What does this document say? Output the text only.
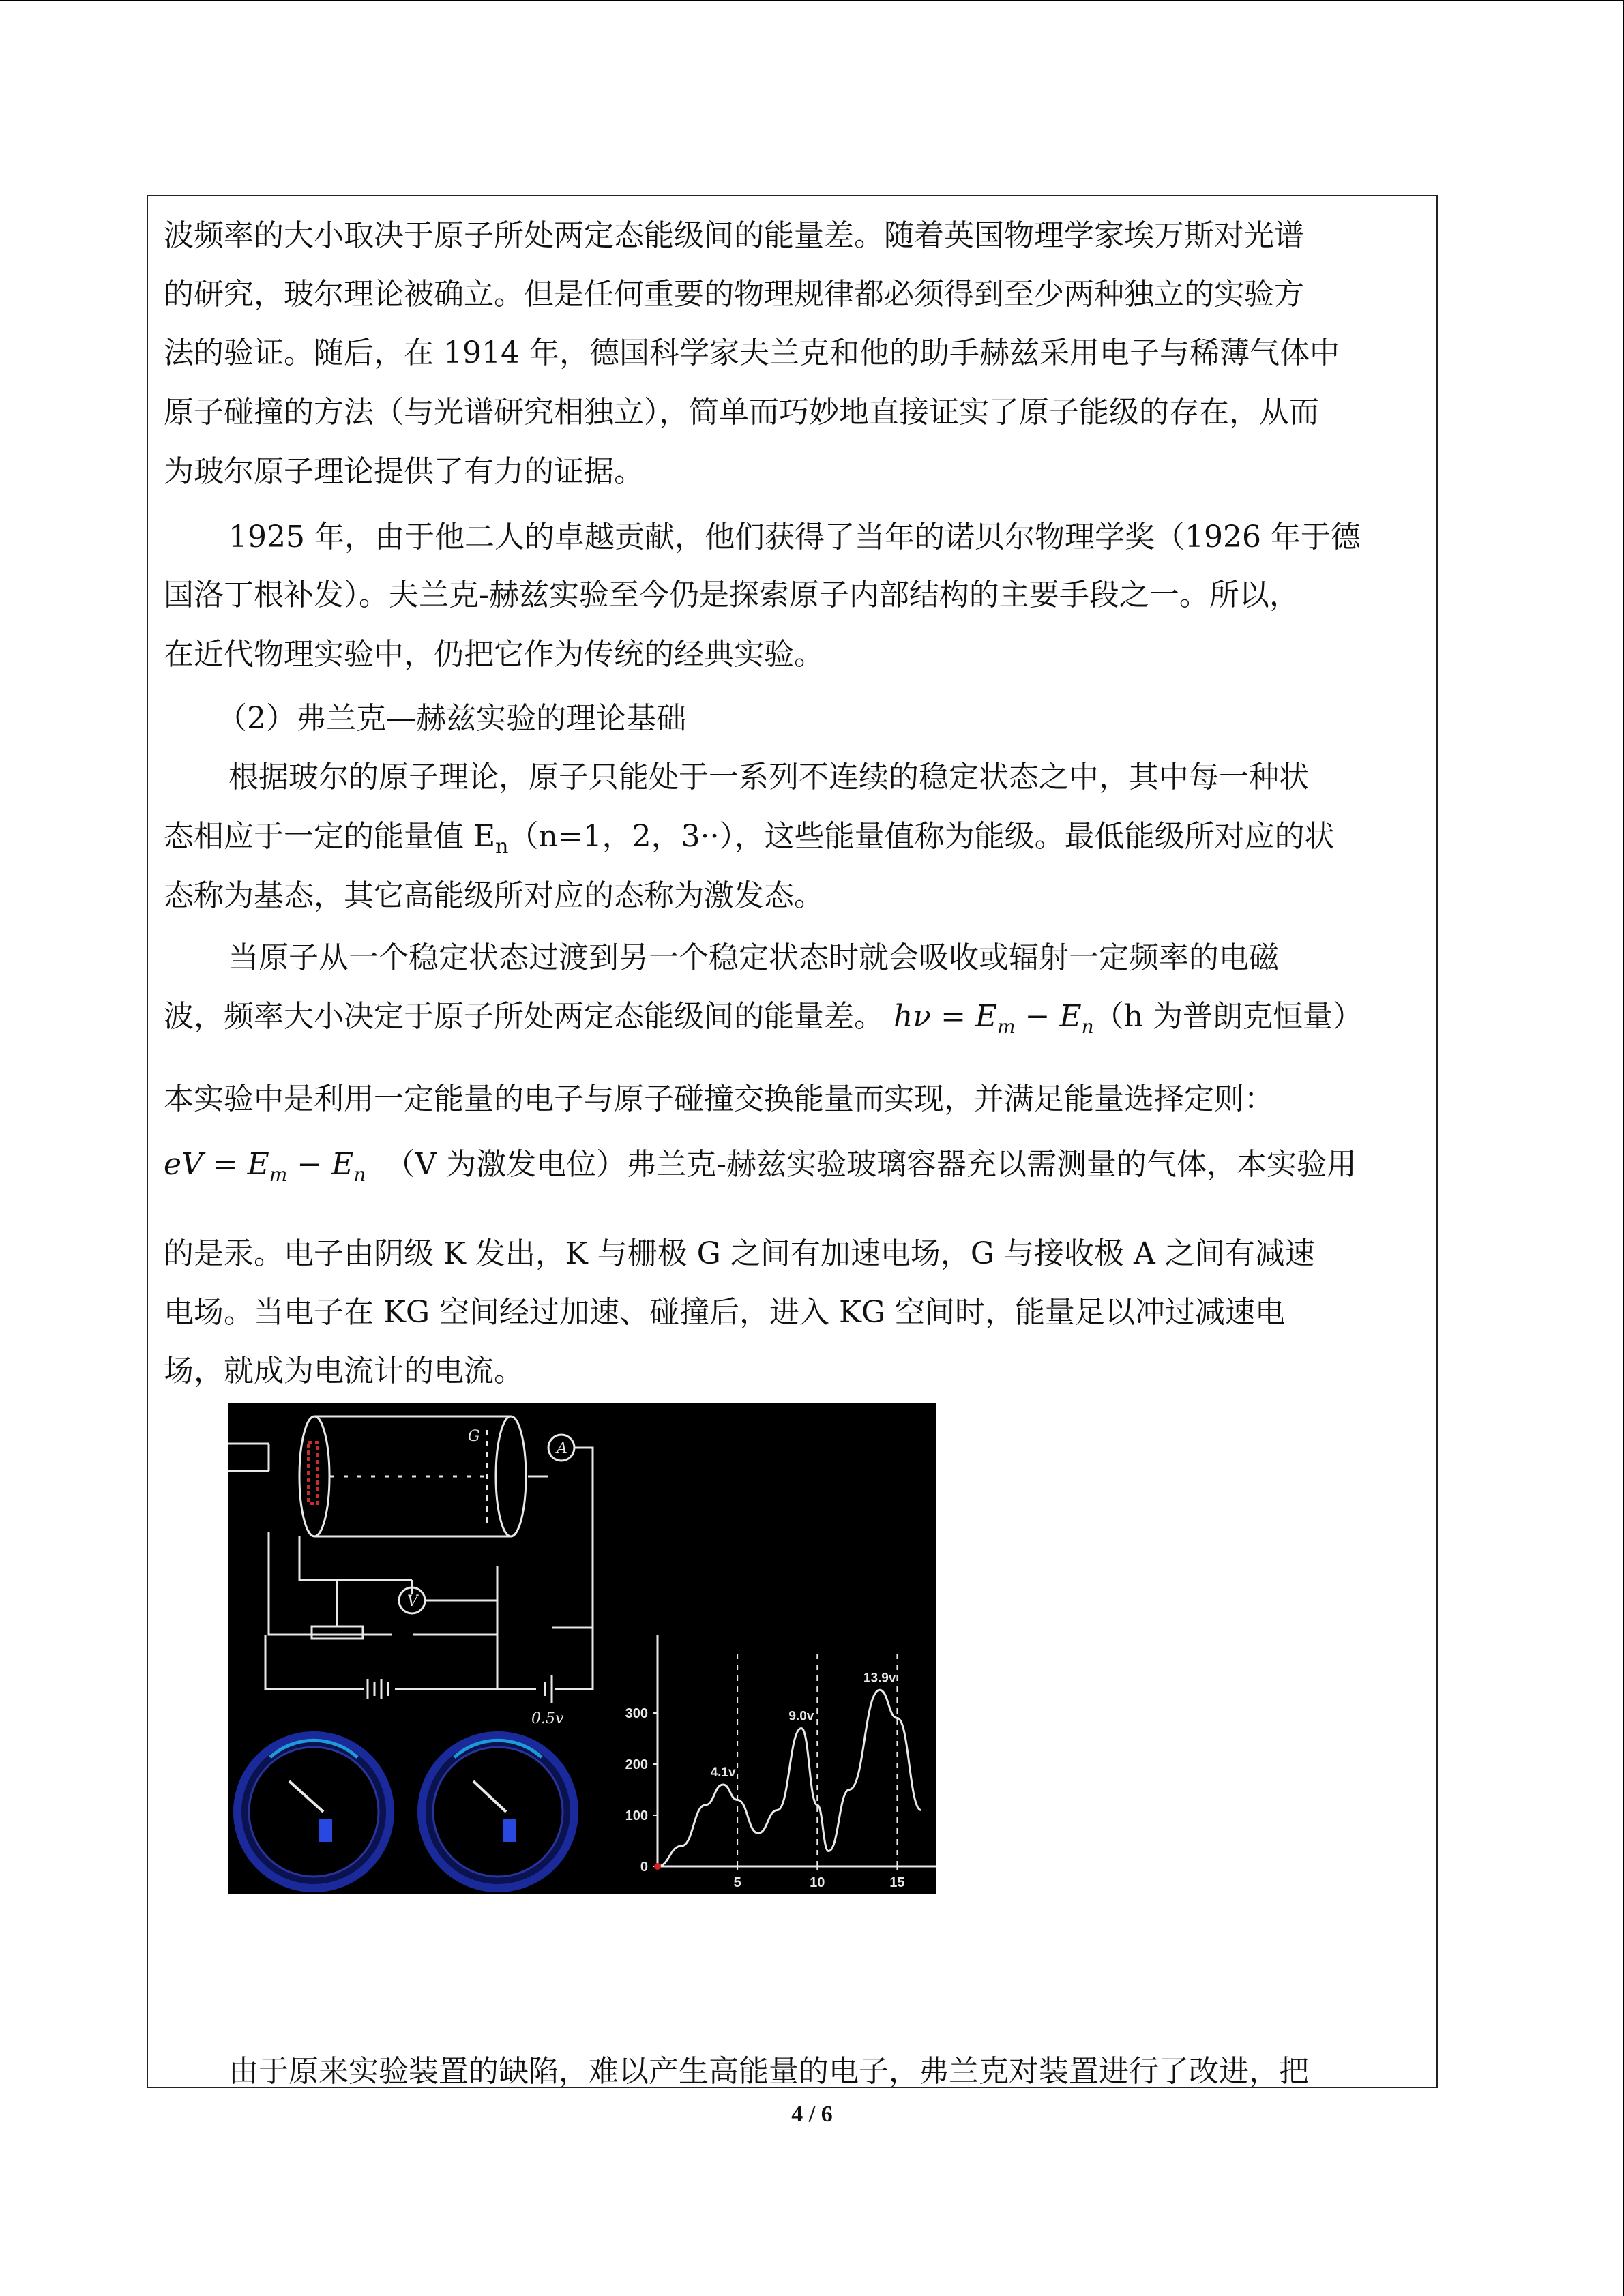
波频率的大小取决于原子所处两定态能级间的能量差。随着英国物理学家埃万斯对光谱
的研究，玻尔理论被确立。但是任何重要的物理规律都必须得到至少两种独立的实验方
法的验证。随后，在 1914 年，德国科学家夫兰克和他的助手赫兹采用电子与稀薄气体中
原子碰撞的方法（与光谱研究相独立），简单而巧妙地直接证实了原子能级的存在，从而
为玻尔原子理论提供了有力的证据。
1925 年，由于他二人的卓越贡献，他们获得了当年的诺贝尔物理学奖（1926 年于德
国洛丁根补发）。夫兰克-赫兹实验至今仍是探索原子内部结构的主要手段之一。所以，
在近代物理实验中，仍把它作为传统的经典实验。
（2）弗兰克—赫兹实验的理论基础
根据玻尔的原子理论，原子只能处于一系列不连续的稳定状态之中，其中每一种状
态相应于一定的能量值 $E_n(n=1$，2，3··），这些能量值称为能级。最低能级所对应的状
态称为基态，其它高能级所对应的态称为激发态。
当原子从一个稳定状态过渡到另一个稳定状态时就会吸收或辐射一定频率的电磁
波，频率大小决定于原子所处两定态能级间的能量差。 $h\nu = E_m - E_n(h$ 为普朗克恒量）
本实验中是利用一定能量的电子与原子碰撞交换能量而实现，并满足能量选择定则：
eV = $E_m - E_n$ （V 为激发电位）弗兰克-赫兹实验玻璃容器充以需测量的气体，本实验用
的是汞。电子由阴级 K 发出，K 与栅极 G 之间有加速电场，G 与接收极 A 之间有减速
电场。当电子在 KG 空间经过加速、碰撞后，进入 KG 空间时，能量足以冲过减速电
场，就成为电流计的电流。
G
A
V
0.5v
0
100
200
300
5	10	15
4.1v
9.0v
13.9v
由于原来实验装置的缺陷，难以产生高能量的电子，弗兰克对装置进行了改进，把
4 / 6
